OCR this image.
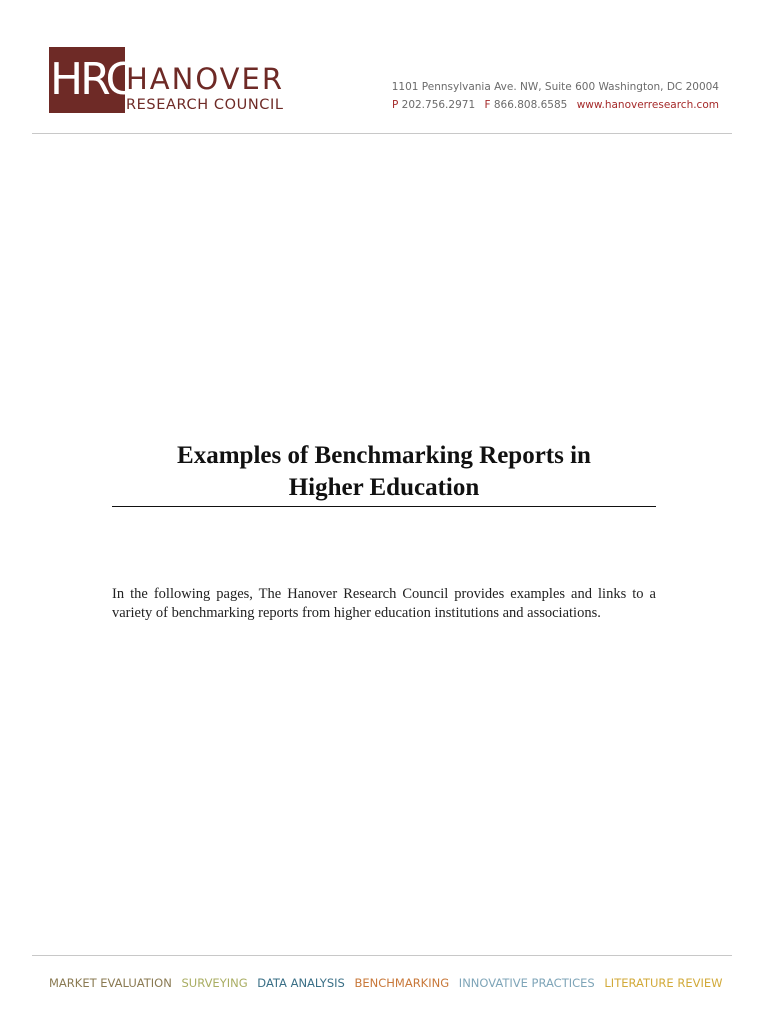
HRC
HANOVER
RESEARCH COUNCIL
1101 Pennsylvania Ave. NW, Suite 600 Washington, DC 20004
P 202.756.2971 F 866.808.6585 www.hanoverresearch.com
Examples of Benchmarking Reports in
Higher Education

In the following pages, The Hanover Research Council provides examples and links to a variety of benchmarking reports from higher education institutions and associations.

MARKET EVALUATION SURVEYING DATA ANALYSIS BENCHMARKING INNOVATIVE PRACTICES LITERATURE REVIEW
